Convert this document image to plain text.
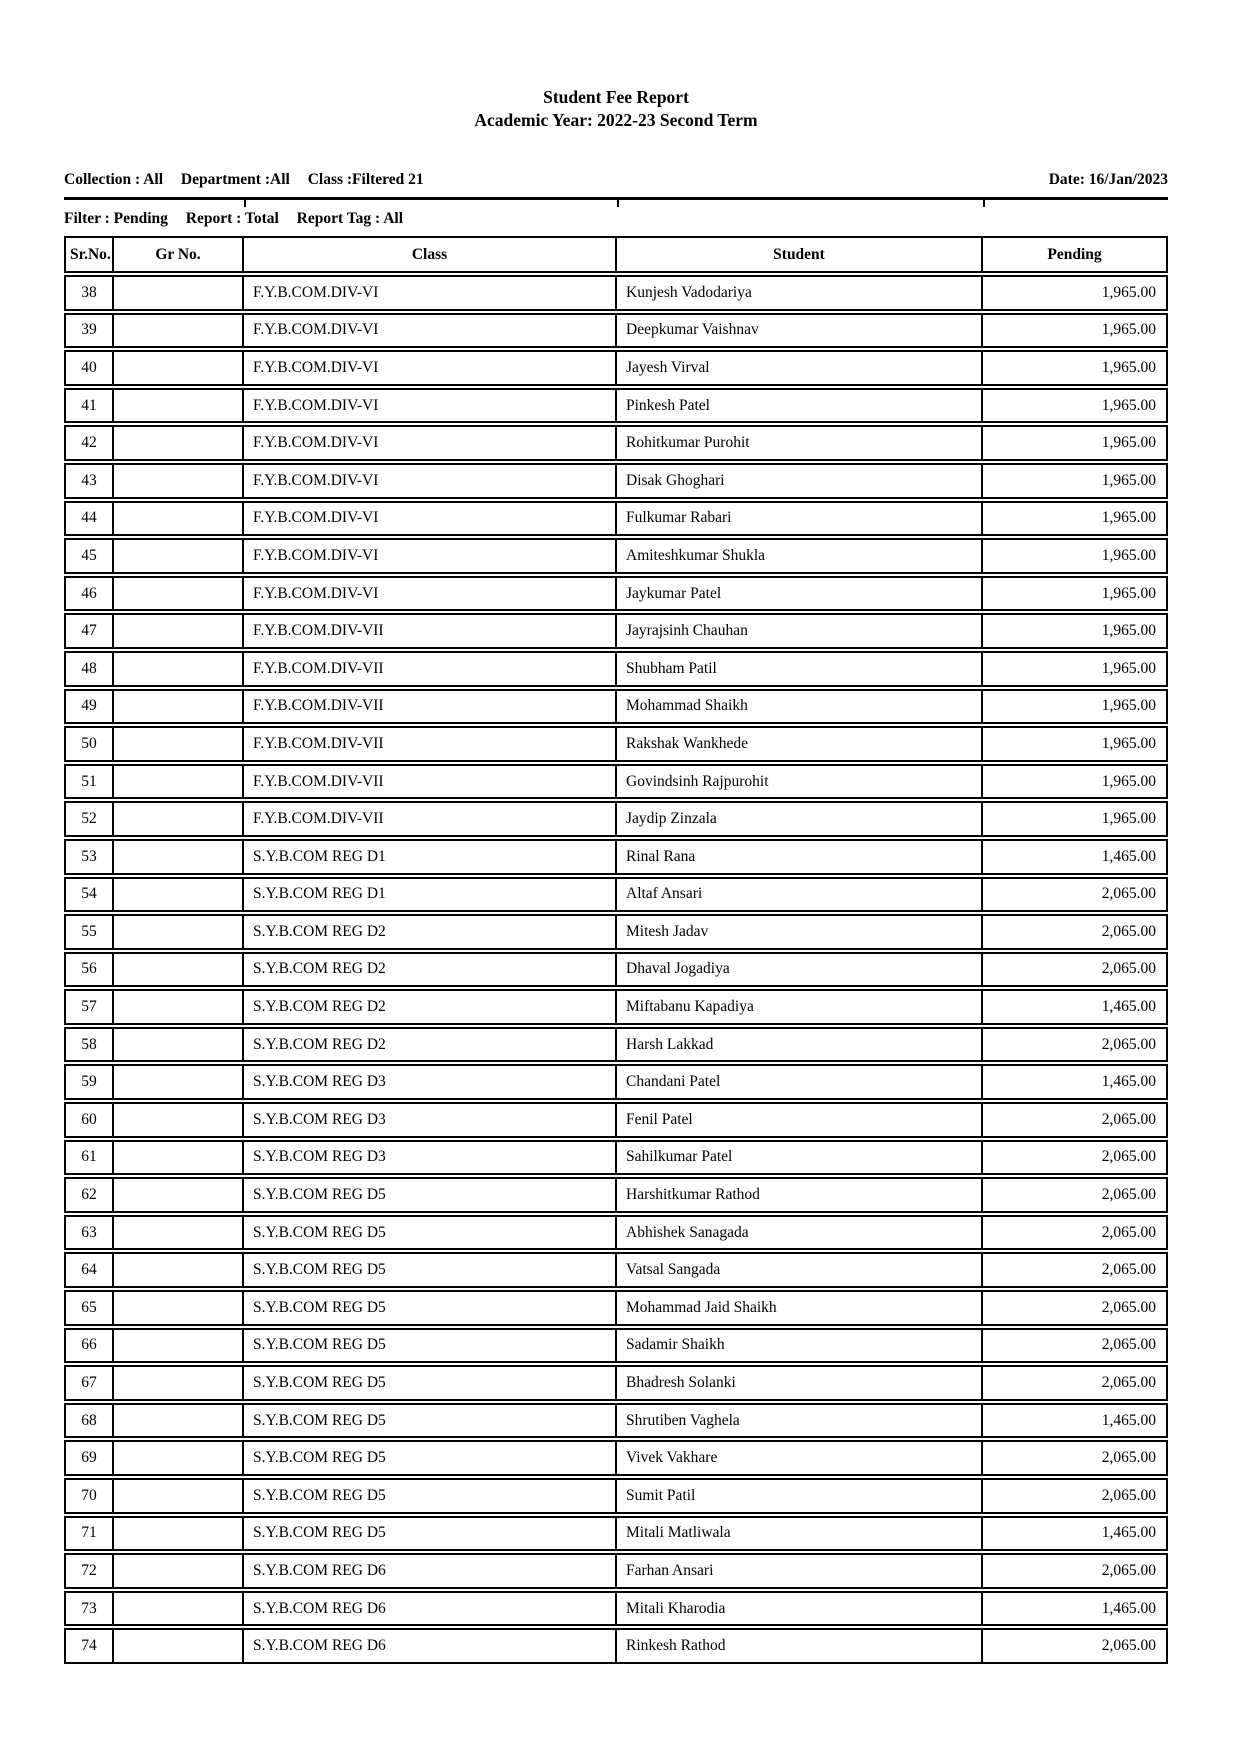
Student Fee Report
Academic Year: 2022-23 Second Term
Collection : All Department :All Class :Filtered 21	Date: 16/Jan/2023
Filter : Pending Report : Total Report Tag : All
Sr.No.	Gr No.	Class	Student	Pending
38		F.Y.B.COM.DIV-VI	Kunjesh Vadodariya	1,965.00
39		F.Y.B.COM.DIV-VI	Deepkumar Vaishnav	1,965.00
40		F.Y.B.COM.DIV-VI	Jayesh Virval	1,965.00
41		F.Y.B.COM.DIV-VI	Pinkesh Patel	1,965.00
42		F.Y.B.COM.DIV-VI	Rohitkumar Purohit	1,965.00
43		F.Y.B.COM.DIV-VI	Disak Ghoghari	1,965.00
44		F.Y.B.COM.DIV-VI	Fulkumar Rabari	1,965.00
45		F.Y.B.COM.DIV-VI	Amiteshkumar Shukla	1,965.00
46		F.Y.B.COM.DIV-VI	Jaykumar Patel	1,965.00
47		F.Y.B.COM.DIV-VII	Jayrajsinh Chauhan	1,965.00
48		F.Y.B.COM.DIV-VII	Shubham Patil	1,965.00
49		F.Y.B.COM.DIV-VII	Mohammad Shaikh	1,965.00
50		F.Y.B.COM.DIV-VII	Rakshak Wankhede	1,965.00
51		F.Y.B.COM.DIV-VII	Govindsinh Rajpurohit	1,965.00
52		F.Y.B.COM.DIV-VII	Jaydip Zinzala	1,965.00
53		S.Y.B.COM REG D1	Rinal Rana	1,465.00
54		S.Y.B.COM REG D1	Altaf Ansari	2,065.00
55		S.Y.B.COM REG D2	Mitesh Jadav	2,065.00
56		S.Y.B.COM REG D2	Dhaval Jogadiya	2,065.00
57		S.Y.B.COM REG D2	Miftabanu Kapadiya	1,465.00
58		S.Y.B.COM REG D2	Harsh Lakkad	2,065.00
59		S.Y.B.COM REG D3	Chandani Patel	1,465.00
60		S.Y.B.COM REG D3	Fenil Patel	2,065.00
61		S.Y.B.COM REG D3	Sahilkumar Patel	2,065.00
62		S.Y.B.COM REG D5	Harshitkumar Rathod	2,065.00
63		S.Y.B.COM REG D5	Abhishek Sanagada	2,065.00
64		S.Y.B.COM REG D5	Vatsal Sangada	2,065.00
65		S.Y.B.COM REG D5	Mohammad Jaid Shaikh	2,065.00
66		S.Y.B.COM REG D5	Sadamir Shaikh	2,065.00
67		S.Y.B.COM REG D5	Bhadresh Solanki	2,065.00
68		S.Y.B.COM REG D5	Shrutiben Vaghela	1,465.00
69		S.Y.B.COM REG D5	Vivek Vakhare	2,065.00
70		S.Y.B.COM REG D5	Sumit Patil	2,065.00
71		S.Y.B.COM REG D5	Mitali Matliwala	1,465.00
72		S.Y.B.COM REG D6	Farhan Ansari	2,065.00
73		S.Y.B.COM REG D6	Mitali Kharodia	1,465.00
74		S.Y.B.COM REG D6	Rinkesh Rathod	2,065.00
